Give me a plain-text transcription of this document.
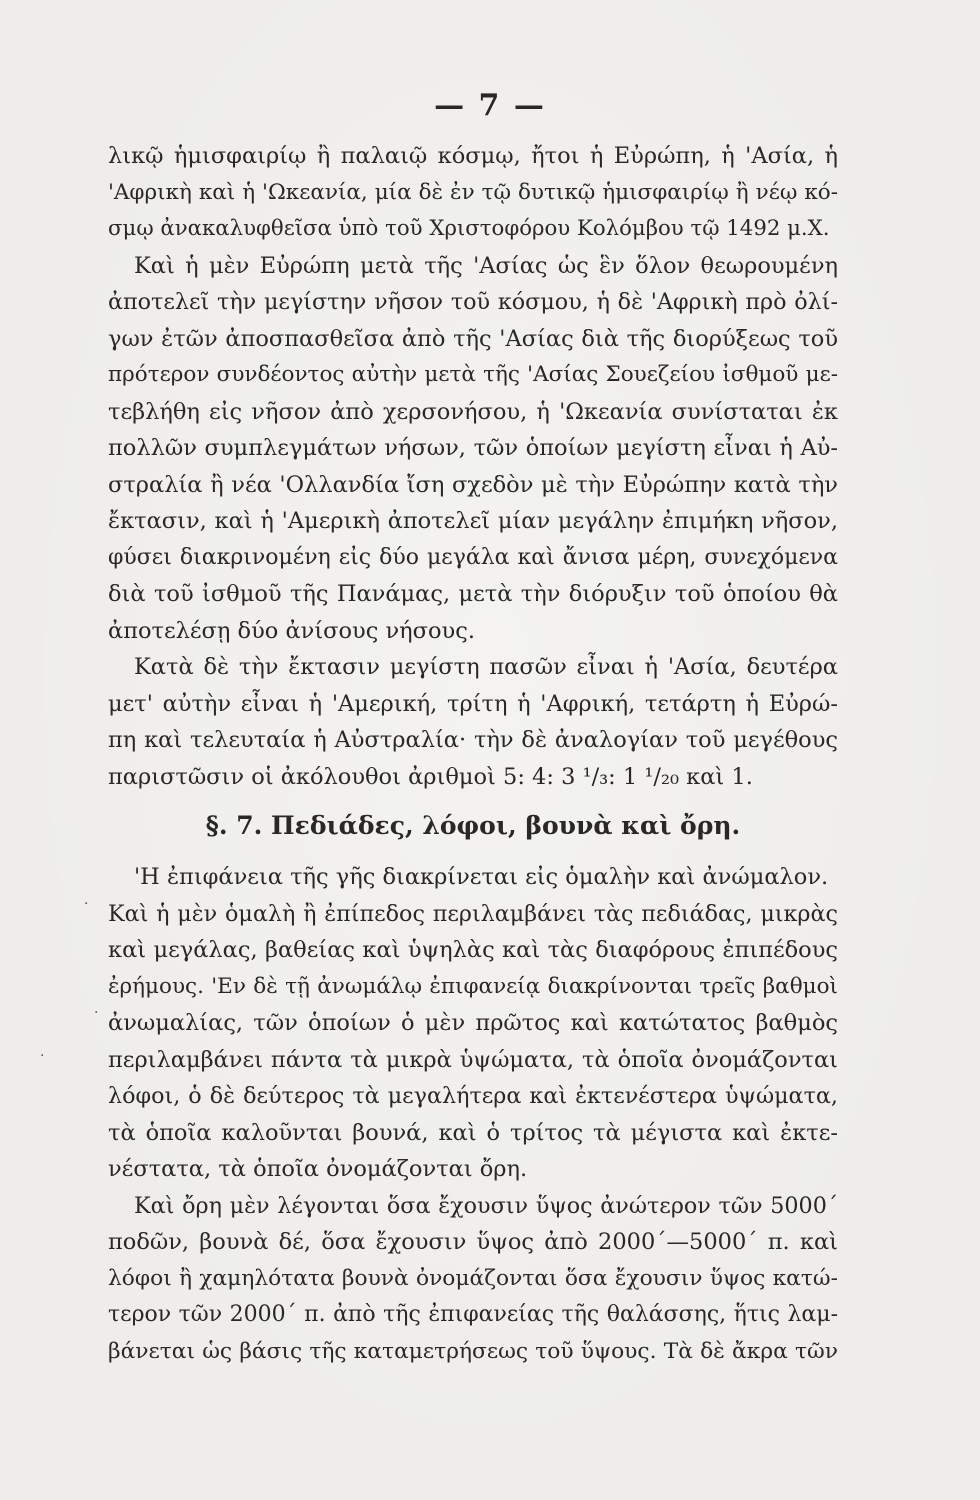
— 7 —
λικῷ ἡμισφαιρίῳ ἢ παλαιῷ κόσμῳ, ἤτοι ἡ Εὐρώπη, ἡ 'Ασία, ἡ
'Αφρικὴ καὶ ἡ 'Ωκεανία, μία δὲ ἐν τῷ δυτικῷ ἡμισφαιρίῳ ἢ νέῳ κό-
σμῳ ἀνακαλυφθεῖσα ὑπὸ τοῦ Χριστοφόρου Κολόμβου τῷ 1492 μ.Χ.
Καὶ ἡ μὲν Εὐρώπη μετὰ τῆς 'Ασίας ὡς ἓν ὅλον θεωρουμένη
ἀποτελεῖ τὴν μεγίστην νῆσον τοῦ κόσμου, ἡ δὲ 'Αφρικὴ πρὸ ὀλί-
γων ἐτῶν ἀποσπασθεῖσα ἀπὸ τῆς 'Ασίας διὰ τῆς διορύξεως τοῦ
πρότερον συνδέοντος αὐτὴν μετὰ τῆς 'Ασίας Σουεζείου ἰσθμοῦ με-
τεβλήθη εἰς νῆσον ἀπὸ χερσονήσου, ἡ 'Ωκεανία συνίσταται ἐκ
πολλῶν συμπλεγμάτων νήσων, τῶν ὁποίων μεγίστη εἶναι ἡ Αὐ-
στραλία ἢ νέα 'Ολλανδία ἴση σχεδὸν μὲ τὴν Εὐρώπην κατὰ τὴν
ἔκτασιν, καὶ ἡ 'Αμερικὴ ἀποτελεῖ μίαν μεγάλην ἐπιμήκη νῆσον,
φύσει διακρινομένη εἰς δύο μεγάλα καὶ ἄνισα μέρη, συνεχόμενα
διὰ τοῦ ἰσθμοῦ τῆς Πανάμας, μετὰ τὴν διόρυξιν τοῦ ὁποίου θὰ
ἀποτελέσῃ δύο ἀνίσους νήσους.
Κατὰ δὲ τὴν ἔκτασιν μεγίστη πασῶν εἶναι ἡ 'Ασία, δευτέρα
μετ' αὐτὴν εἶναι ἡ 'Αμερική, τρίτη ἡ 'Αφρική, τετάρτη ἡ Εὐρώ-
πη καὶ τελευταία ἡ Αὐστραλία· τὴν δὲ ἀναλογίαν τοῦ μεγέθους
παριστῶσιν οἱ ἀκόλουθοι ἀριθμοὶ 5: 4: 3 ¹/₃: 1 ¹/₂₀ καὶ 1.
§. 7. Πεδιάδες, λόφοι, βουνὰ καὶ ὄρη.
'Η ἐπιφάνεια τῆς γῆς διακρίνεται εἰς ὁμαλὴν καὶ ἀνώμαλον.
Καὶ ἡ μὲν ὁμαλὴ ἢ ἐπίπεδος περιλαμβάνει τὰς πεδιάδας, μικρὰς
καὶ μεγάλας, βαθείας καὶ ὑψηλὰς καὶ τὰς διαφόρους ἐπιπέδους
ἐρήμους. 'Εν δὲ τῇ ἀνωμάλῳ ἐπιφανείᾳ διακρίνονται τρεῖς βαθμοὶ
ἀνωμαλίας, τῶν ὁποίων ὁ μὲν πρῶτος καὶ κατώτατος βαθμὸς
περιλαμβάνει πάντα τὰ μικρὰ ὑψώματα, τὰ ὁποῖα ὀνομάζονται
λόφοι, ὁ δὲ δεύτερος τὰ μεγαλήτερα καὶ ἐκτενέστερα ὑψώματα,
τὰ ὁποῖα καλοῦνται βουνά, καὶ ὁ τρίτος τὰ μέγιστα καὶ ἐκτε-
νέστατα, τὰ ὁποῖα ὀνομάζονται ὄρη.
Καὶ ὄρη μὲν λέγονται ὅσα ἔχουσιν ὕψος ἀνώτερον τῶν 5000΄
ποδῶν, βουνὰ δέ, ὅσα ἔχουσιν ὕψος ἀπὸ 2000΄—5000΄ π. καὶ
λόφοι ἢ χαμηλότατα βουνὰ ὀνομάζονται ὅσα ἔχουσιν ὕψος κατώ-
τερον τῶν 2000΄ π. ἀπὸ τῆς ἐπιφανείας τῆς θαλάσσης, ἥτις λαμ-
βάνεται ὡς βάσις τῆς καταμετρήσεως τοῦ ὕψους. Τὰ δὲ ἄκρα τῶν
·
·
·
